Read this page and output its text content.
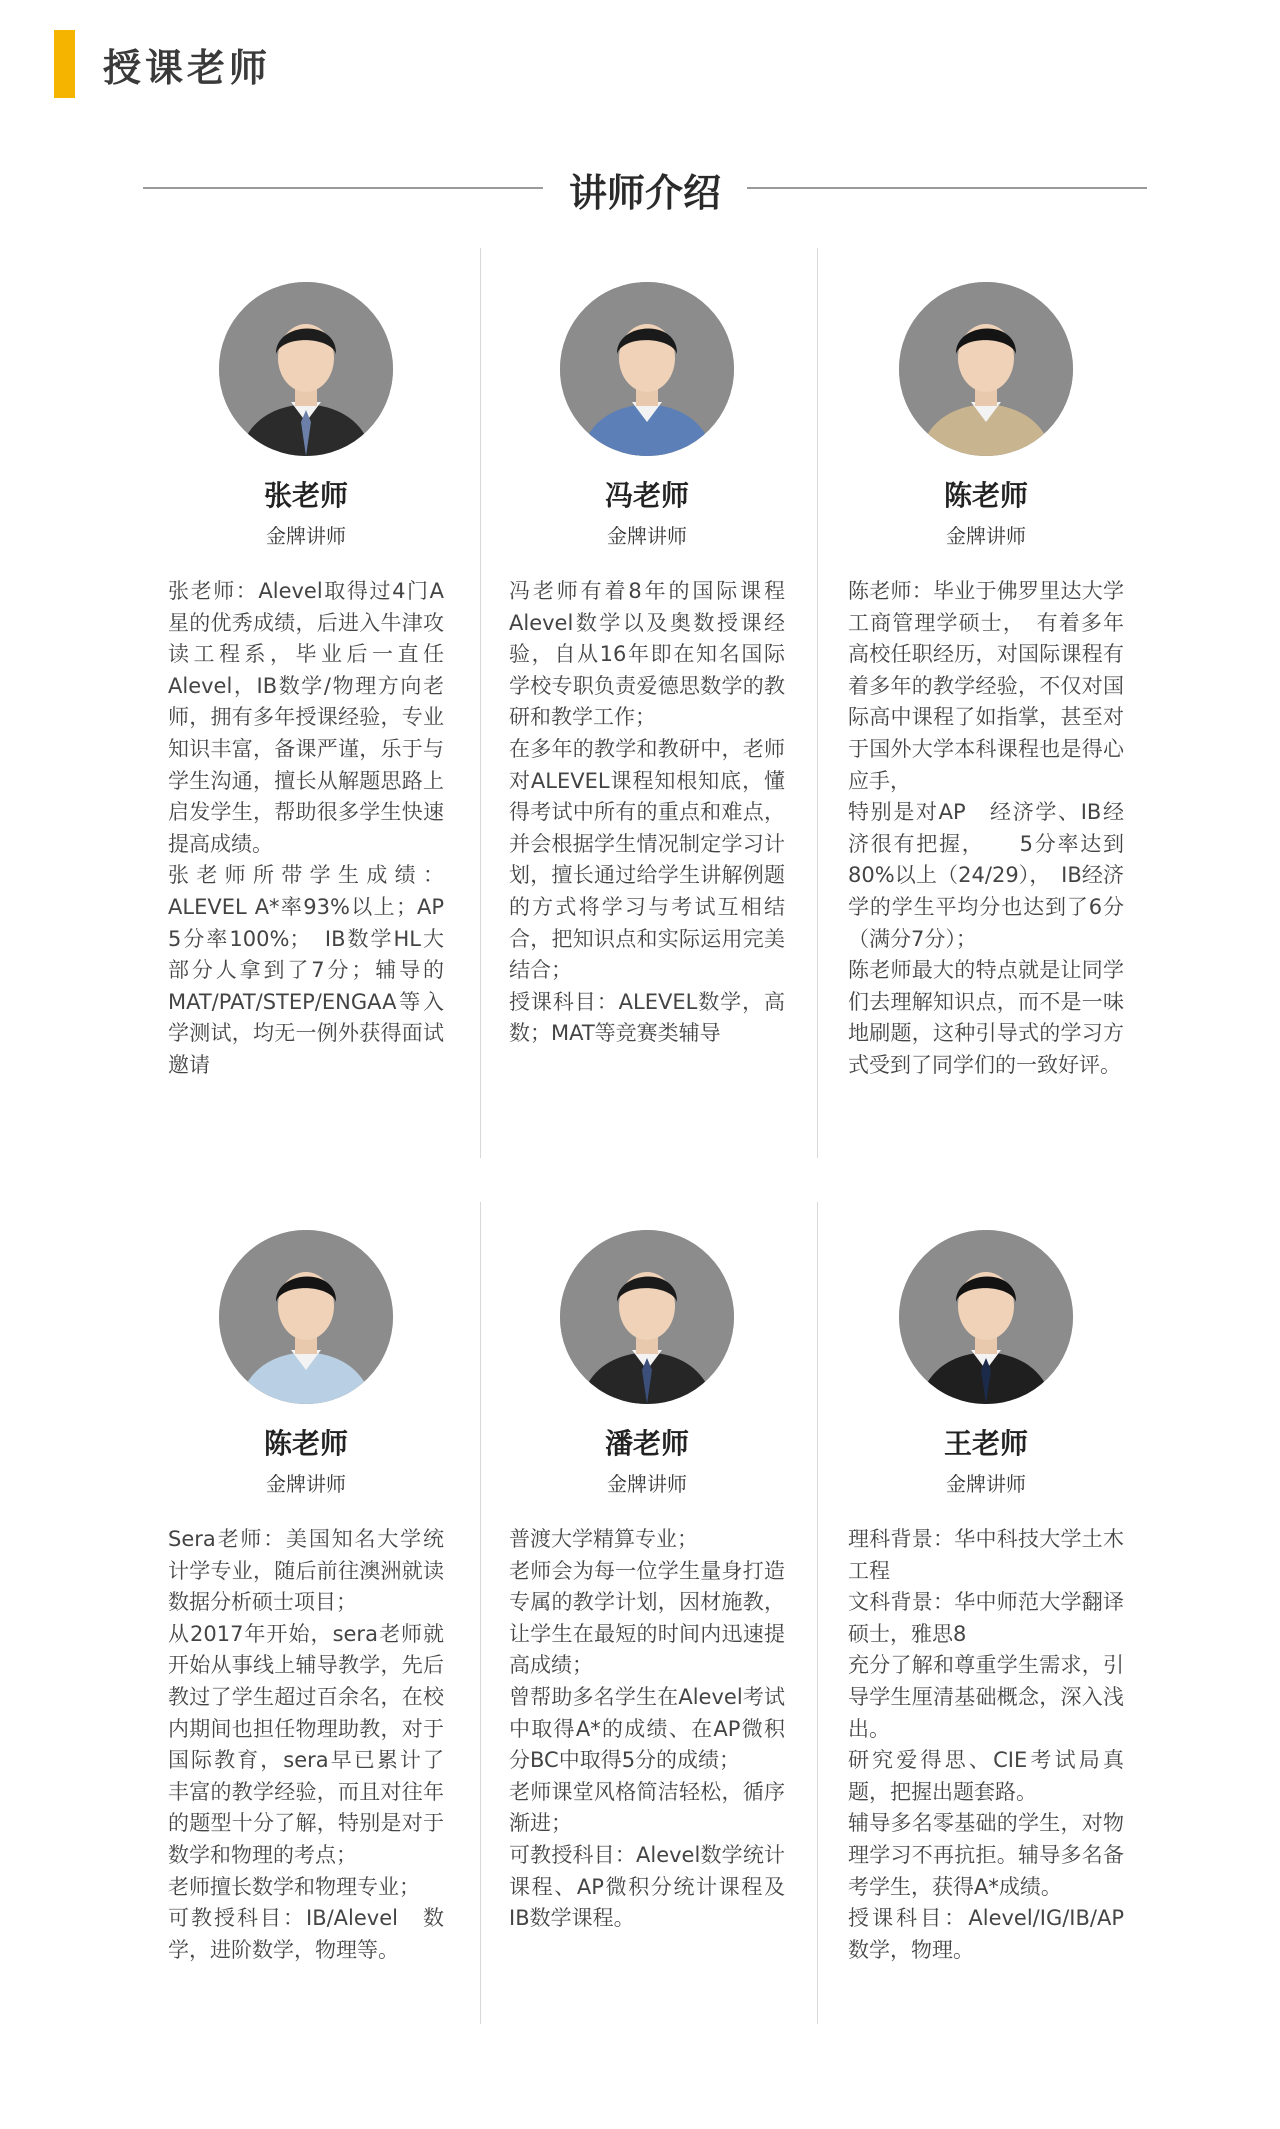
授课老师
讲师介绍
张老师
金牌讲师

张老师：Alevel取得过4门A星的优秀成绩，后进入牛津攻读工程系，毕业后一直任Alevel，IB数学/物理方向老师，拥有多年授课经验，专业知识丰富，备课严谨，乐于与学生沟通，擅长从解题思路上启发学生，帮助很多学生快速提高成绩。

张老师所带学生成绩：ALEVEL A*率93%以上；AP 5分率100%；　IB数学HL大部分人拿到了7分；辅导的MAT/PAT/STEP/ENGAA等入学测试，均无一例外获得面试邀请

冯老师
金牌讲师

冯老师有着8年的国际课程Alevel数学以及奥数授课经验，自从16年即在知名国际学校专职负责爱德思数学的教研和教学工作；

在多年的教学和教研中，老师对ALEVEL课程知根知底，懂得考试中所有的重点和难点，并会根据学生情况制定学习计划，擅长通过给学生讲解例题的方式将学习与考试互相结合，把知识点和实际运用完美结合；

授课科目：ALEVEL数学，高数；MAT等竞赛类辅导

陈老师
金牌讲师

陈老师：毕业于佛罗里达大学工商管理学硕士，　有着多年高校任职经历，对国际课程有着多年的教学经验，不仅对国际高中课程了如指掌，甚至对于国外大学本科课程也是得心应手，

特别是对AP　经济学、IB经济很有把握，　　5分率达到80%以上（24/29），　IB经济学的学生平均分也达到了6分（满分7分）；

陈老师最大的特点就是让同学们去理解知识点，而不是一味地刷题，这种引导式的学习方式受到了同学们的一致好评。

陈老师
金牌讲师

Sera老师：美国知名大学统计学专业，随后前往澳洲就读数据分析硕士项目；

从2017年开始，sera老师就开始从事线上辅导教学，先后教过了学生超过百余名，在校内期间也担任物理助教，对于国际教育，sera早已累计了丰富的教学经验，而且对往年的题型十分了解，特别是对于数学和物理的考点；

老师擅长数学和物理专业；

可教授科目：IB/Alevel　数学，进阶数学，物理等。

潘老师
金牌讲师

普渡大学精算专业；

老师会为每一位学生量身打造专属的教学计划，因材施教，让学生在最短的时间内迅速提高成绩；

曾帮助多名学生在Alevel考试中取得A*的成绩、在AP微积分BC中取得5分的成绩；

老师课堂风格简洁轻松，循序渐进；

可教授科目：Alevel数学统计课程、AP微积分统计课程及IB数学课程。

王老师
金牌讲师

理科背景：华中科技大学土木工程

文科背景：华中师范大学翻译硕士，雅思8

充分了解和尊重学生需求，引导学生厘清基础概念，深入浅出。

研究爱得思、CIE考试局真题，把握出题套路。

辅导多名零基础的学生，对物理学习不再抗拒。辅导多名备考学生，获得A*成绩。

授课科目：Alevel/IG/IB/AP数学，物理。
